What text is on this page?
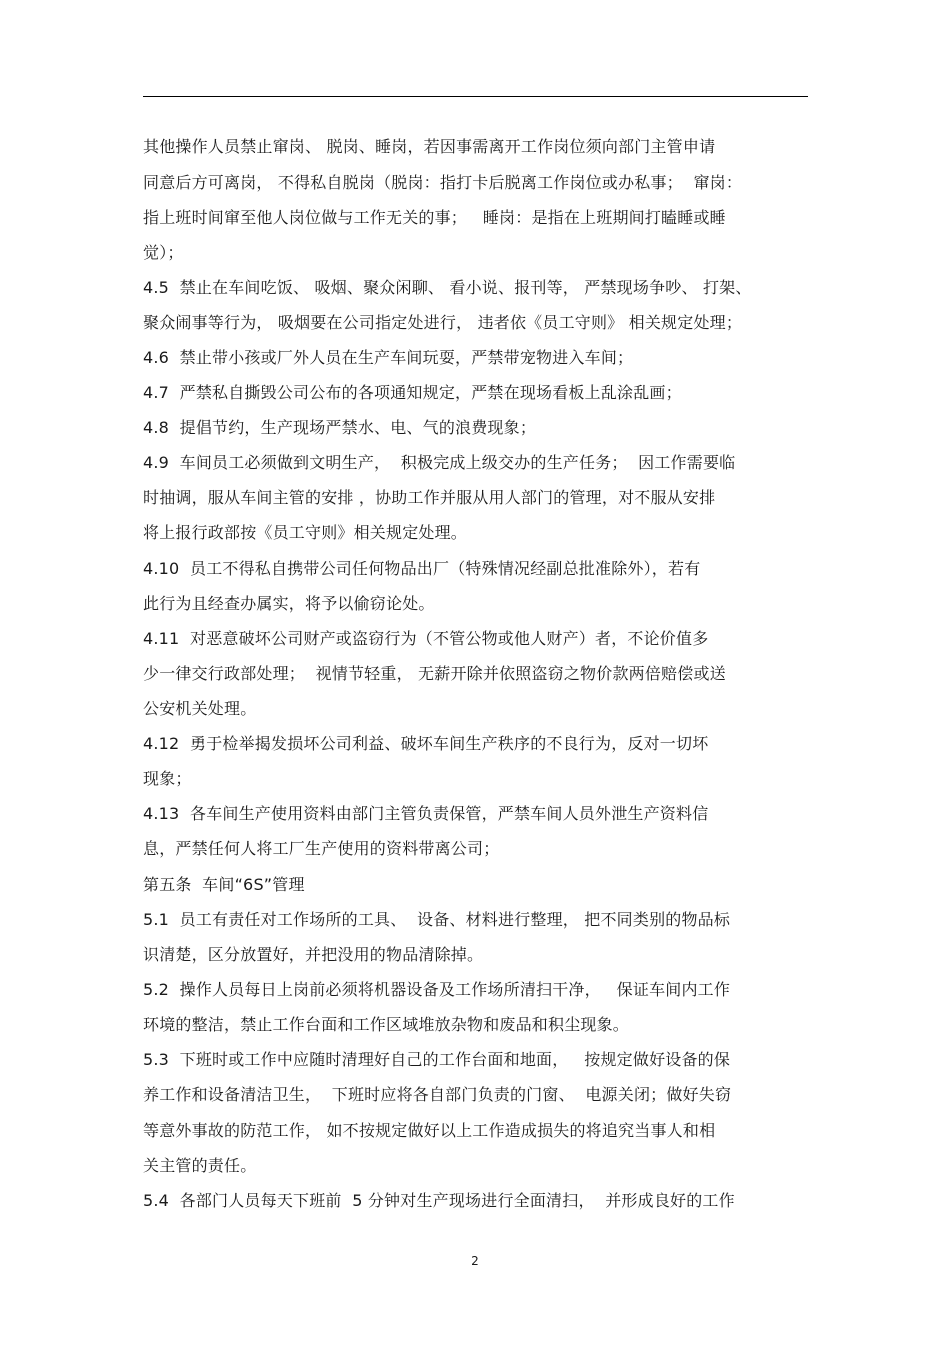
其他操作人员禁止窜岗、 脱岗、睡岗，若因事需离开工作岗位须向部门主管申请
同意后方可离岗， 不得私自脱岗（脱岗：指打卡后脱离工作岗位或办私事；  窜岗：
指上班时间窜至他人岗位做与工作无关的事；   睡岗：是指在上班期间打瞌睡或睡
觉）；
4.5  禁止在车间吃饭、 吸烟、聚众闲聊、 看小说、报刊等， 严禁现场争吵、 打架、
聚众闹事等行为， 吸烟要在公司指定处进行， 违者依《员工守则》 相关规定处理；
4.6  禁止带小孩或厂外人员在生产车间玩耍，严禁带宠物进入车间；
4.7  严禁私自撕毁公司公布的各项通知规定，严禁在现场看板上乱涂乱画；
4.8  提倡节约，生产现场严禁水、电、气的浪费现象；
4.9  车间员工必须做到文明生产，  积极完成上级交办的生产任务；  因工作需要临
时抽调，服从车间主管的安排 ，协助工作并服从用人部门的管理，对不服从安排
将上报行政部按《员工守则》相关规定处理。
4.10  员工不得私自携带公司任何物品出厂（特殊情况经副总批准除外），若有
此行为且经查办属实，将予以偷窃论处。
4.11  对恶意破坏公司财产或盗窃行为（不管公物或他人财产）者，不论价值多
少一律交行政部处理；  视情节轻重， 无薪开除并依照盗窃之物价款两倍赔偿或送
公安机关处理。
4.12  勇于检举揭发损坏公司利益、破坏车间生产秩序的不良行为，反对一切坏
现象；
4.13  各车间生产使用资料由部门主管负责保管，严禁车间人员外泄生产资料信
息，严禁任何人将工厂生产使用的资料带离公司；
第五条  车间“6S”管理
5.1  员工有责任对工作场所的工具、  设备、材料进行整理， 把不同类别的物品标
识清楚，区分放置好，并把没用的物品清除掉。
5.2  操作人员每日上岗前必须将机器设备及工作场所清扫干净，   保证车间内工作
环境的整洁，禁止工作台面和工作区域堆放杂物和废品和积尘现象。
5.3  下班时或工作中应随时清理好自己的工作台面和地面，   按规定做好设备的保
养工作和设备清洁卫生，  下班时应将各自部门负责的门窗、  电源关闭；做好失窃
等意外事故的防范工作， 如不按规定做好以上工作造成损失的将追究当事人和相
关主管的责任。
5.4  各部门人员每天下班前  5 分钟对生产现场进行全面清扫，  并形成良好的工作
2
